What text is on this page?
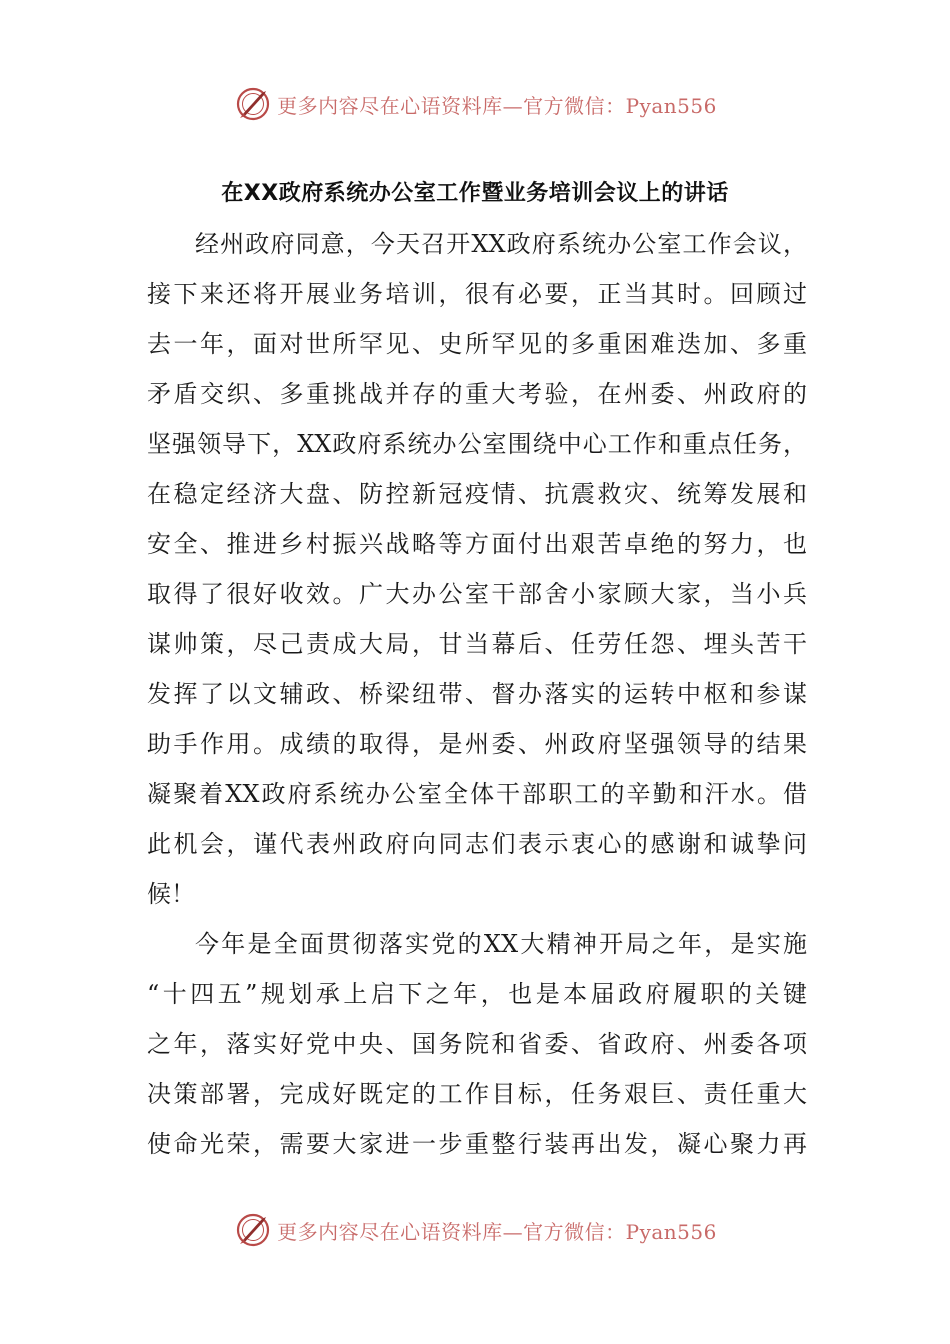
更多内容尽在心语资料库—官方微信：Pyan556
在XX政府系统办公室工作暨业务培训会议上的讲话
经州政府同意，今天召开XX政府系统办公室工作会议，
接下来还将开展业务培训，很有必要，正当其时。回顾过
去一年，面对世所罕见、史所罕见的多重困难迭加、多重
矛盾交织、多重挑战并存的重大考验，在州委、州政府的
坚强领导下，XX政府系统办公室围绕中心工作和重点任务，
在稳定经济大盘、防控新冠疫情、抗震救灾、统筹发展和
安全、推进乡村振兴战略等方面付出艰苦卓绝的努力，也
取得了很好收效。广大办公室干部舍小家顾大家，当小兵
谋帅策，尽己责成大局，甘当幕后、任劳任怨、埋头苦干
发挥了以文辅政、桥梁纽带、督办落实的运转中枢和参谋
助手作用。成绩的取得，是州委、州政府坚强领导的结果
凝聚着XX政府系统办公室全体干部职工的辛勤和汗水。借
此机会，谨代表州政府向同志们表示衷心的感谢和诚挚问
候！
今年是全面贯彻落实党的XX大精神开局之年，是实施
“十四五”规划承上启下之年，也是本届政府履职的关键
之年，落实好党中央、国务院和省委、省政府、州委各项
决策部署，完成好既定的工作目标，任务艰巨、责任重大
使命光荣，需要大家进一步重整行装再出发，凝心聚力再
更多内容尽在心语资料库—官方微信：Pyan556
